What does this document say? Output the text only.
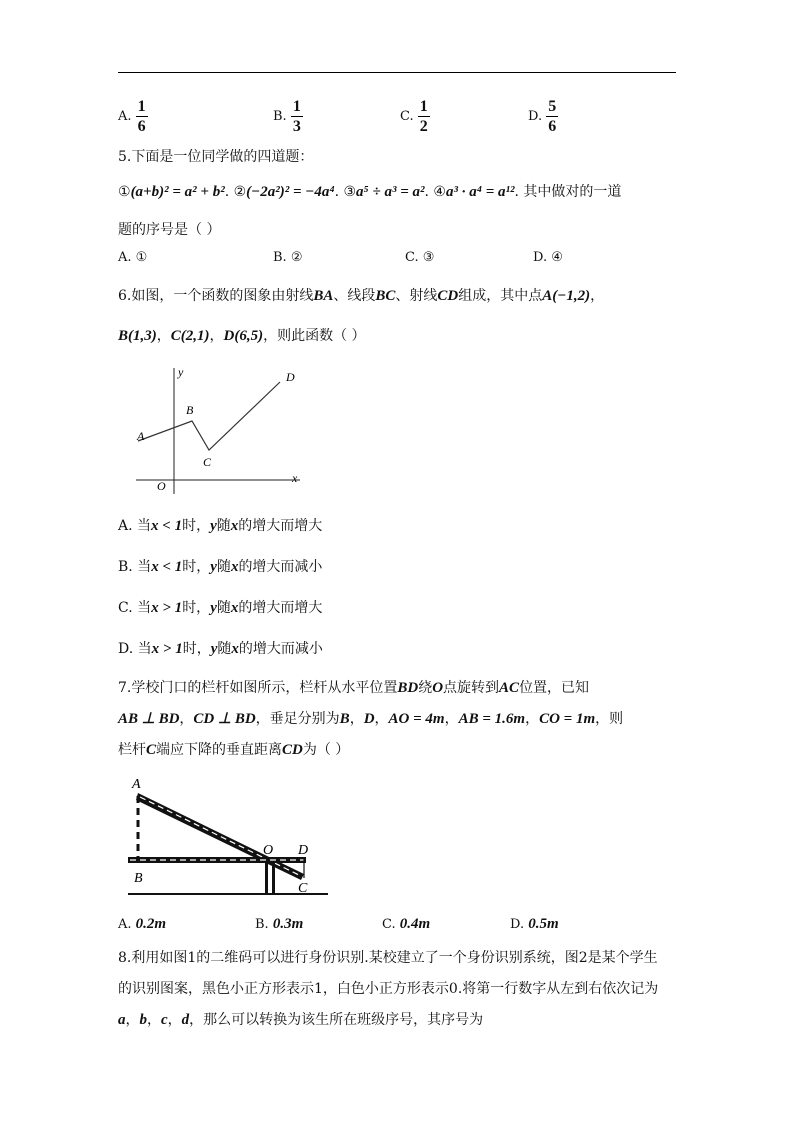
A. $\frac{1}{6}$	B. $\frac{1}{3}$	C. $\frac{1}{2}$	D. $\frac{5}{6}$
5.下面是一位同学做的四道题：
①(a+b)² = a² + b². ②(−2a²)² = −4a⁴. ③a⁵ ÷ a³ = a². ④a³ · a⁴ = a¹². 其中做对的一道
题的序号是（ ）
A. ①	B. ②	C. ③	D. ④
6.如图，一个函数的图象由射线BA、线段BC、射线CD组成，其中点A(−1,2)，
B(1,3)，C(2,1)，D(6,5)，则此函数（ ）
y
x
O
A
B
C
D
A. 当x < 1时，y随x的增大而增大
B. 当x < 1时，y随x的增大而减小
C. 当x > 1时，y随x的增大而增大
D. 当x > 1时，y随x的增大而减小
7.学校门口的栏杆如图所示，栏杆从水平位置BD绕O点旋转到AC位置，已知
AB ⊥ BD，CD ⊥ BD，垂足分别为B，D，AO = 4m，AB = 1.6m，CO = 1m，则
栏杆C端应下降的垂直距离CD为（ ）
A
B
O D
C
A. 0.2m	B. 0.3m	C. 0.4m	D. 0.5m
8.利用如图1的二维码可以进行身份识别.某校建立了一个身份识别系统，图2是某个学生
的识别图案，黑色小正方形表示1，白色小正方形表示0.将第一行数字从左到右依次记为
a，b，c，d，那么可以转换为该生所在班级序号，其序号为
